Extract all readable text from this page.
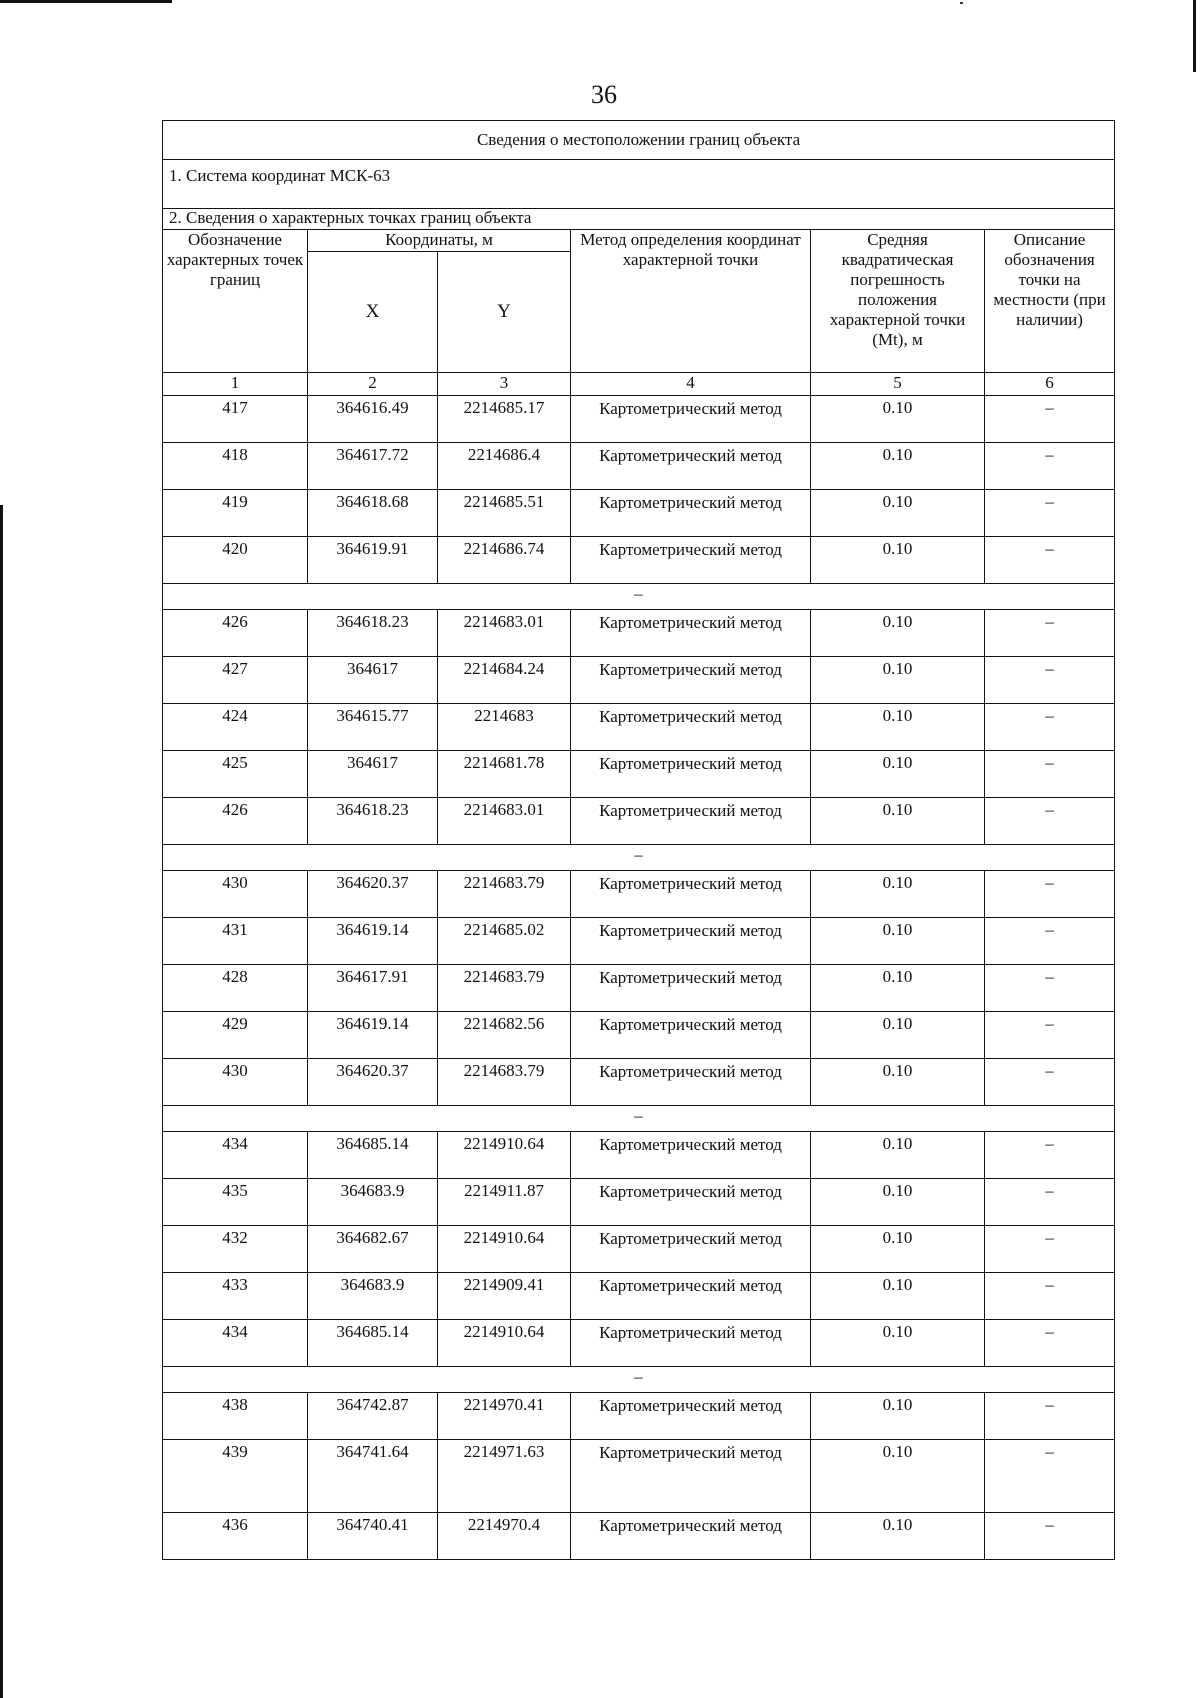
36
Сведения о местоположении границ объекта					
1. Система координат МСК-63					
2. Сведения о характерных точках границ объекта					
Обозначение характерных точек границ	Координаты, м		Метод определения координат характерной точки	Средняя квадратическая погрешность положения характерной точки (Mt), м	Описание обозначения точки на местности (при наличии)
	X	Y			
1	2	3	4	5	6
417	364616.49	2214685.17	Картометрический метод	0.10	–
418	364617.72	2214686.4	Картометрический метод	0.10	–
419	364618.68	2214685.51	Картометрический метод	0.10	–
420	364619.91	2214686.74	Картометрический метод	0.10	–
–					
426	364618.23	2214683.01	Картометрический метод	0.10	–
427	364617	2214684.24	Картометрический метод	0.10	–
424	364615.77	2214683	Картометрический метод	0.10	–
425	364617	2214681.78	Картометрический метод	0.10	–
426	364618.23	2214683.01	Картометрический метод	0.10	–
–					
430	364620.37	2214683.79	Картометрический метод	0.10	–
431	364619.14	2214685.02	Картометрический метод	0.10	–
428	364617.91	2214683.79	Картометрический метод	0.10	–
429	364619.14	2214682.56	Картометрический метод	0.10	–
430	364620.37	2214683.79	Картометрический метод	0.10	–
–					
434	364685.14	2214910.64	Картометрический метод	0.10	–
435	364683.9	2214911.87	Картометрический метод	0.10	–
432	364682.67	2214910.64	Картометрический метод	0.10	–
433	364683.9	2214909.41	Картометрический метод	0.10	–
434	364685.14	2214910.64	Картометрический метод	0.10	–
–					
438	364742.87	2214970.41	Картометрический метод	0.10	–
439	364741.64	2214971.63	Картометрический метод	0.10	–
436	364740.41	2214970.4	Картометрический метод	0.10	–
